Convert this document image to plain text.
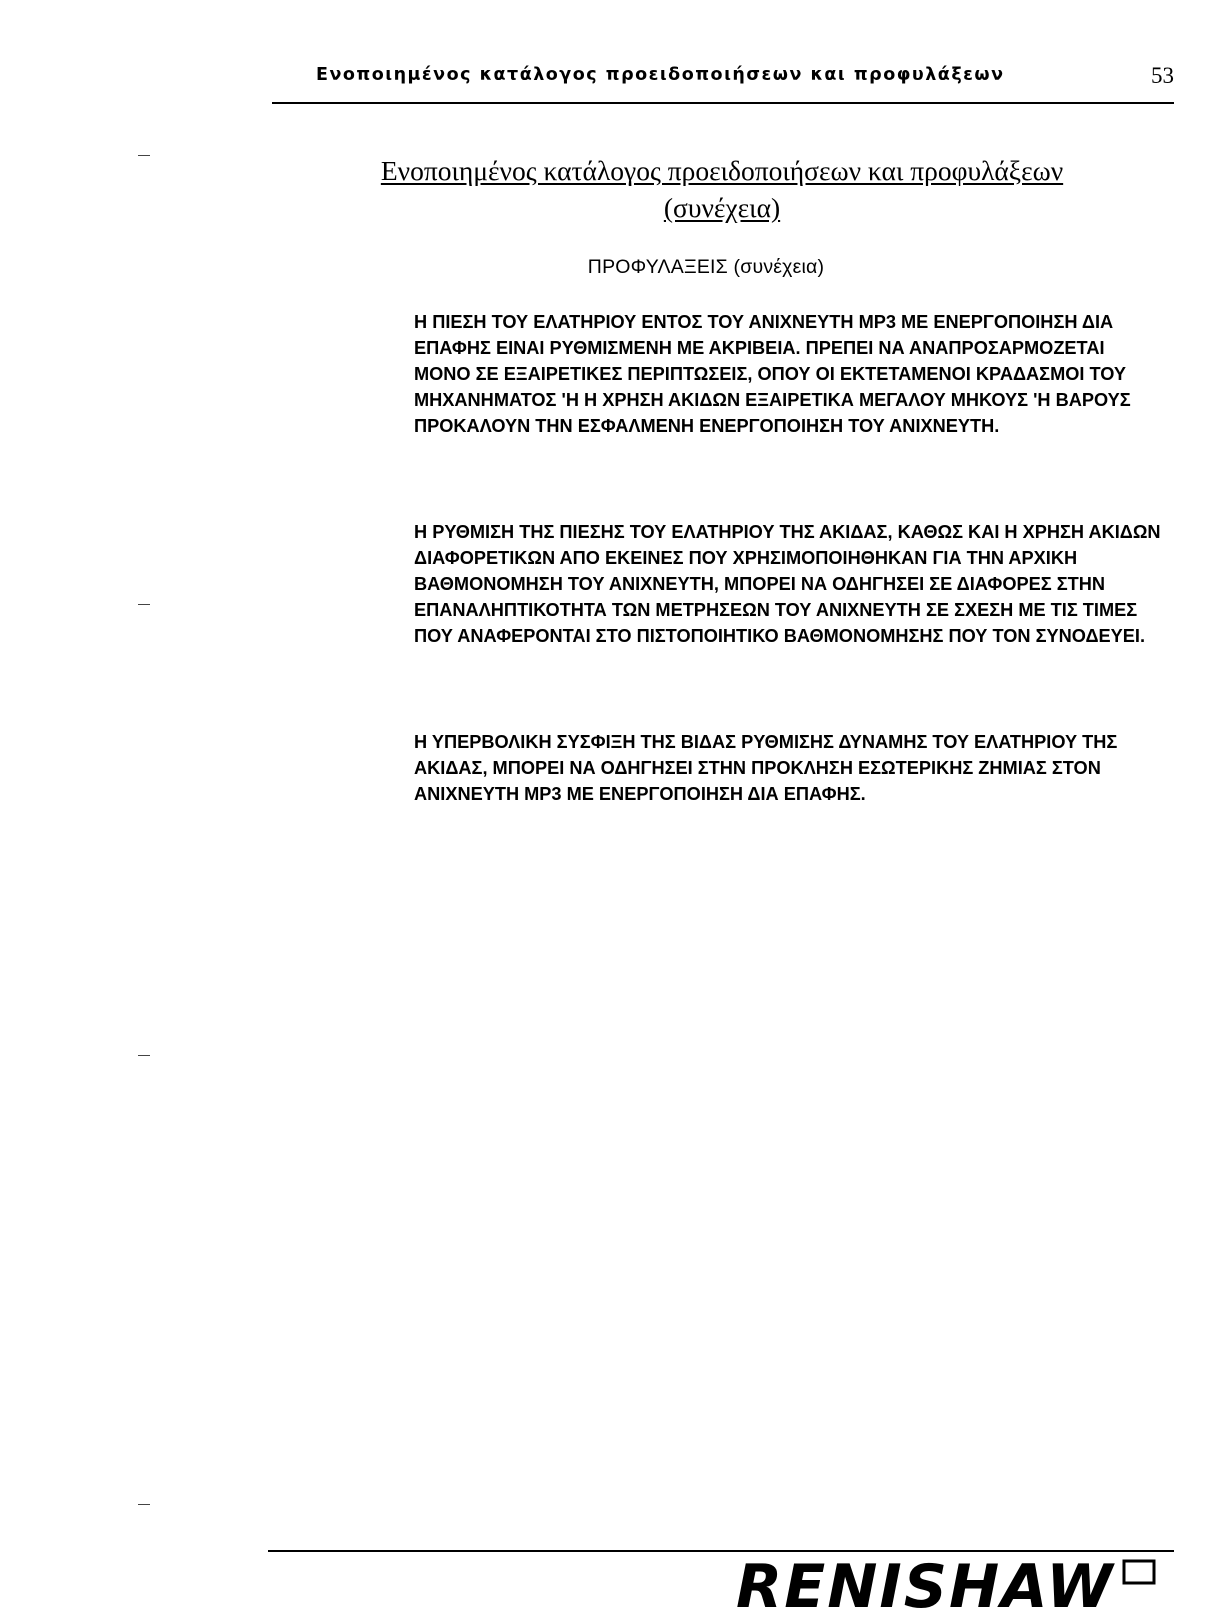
Ενοποιημένος κατάλογος προειδοποιήσεων και προφυλάξεων	53
Ενοποιημένος κατάλογος προειδοποιήσεων και προφυλάξεων
(συνέχεια)
ΠΡΟΦΥΛΑΞΕΙΣ (συνέχεια)

Η ΠΙΕΣΗ ΤΟΥ ΕΛΑΤΗΡΙΟΥ ΕΝΤΟΣ ΤΟΥ ΑΝΙΧΝΕΥΤΗ MP3 ΜΕ ΕΝΕΡΓΟΠΟΙΗΣΗ ΔΙΑ ΕΠΑΦΗΣ ΕΙΝΑΙ ΡΥΘΜΙΣΜΕΝΗ ΜΕ ΑΚΡΙΒΕΙΑ. ΠΡΕΠΕΙ ΝΑ ΑΝΑΠΡΟΣΑΡΜΟΖΕΤΑΙ ΜΟΝΟ ΣΕ ΕΞΑΙΡΕΤΙΚΕΣ ΠΕΡΙΠΤΩΣΕΙΣ, ΟΠΟΥ ΟΙ ΕΚΤΕΤΑΜΕΝΟΙ ΚΡΑΔΑΣΜΟΙ ΤΟΥ ΜΗΧΑΝΗΜΑΤΟΣ 'Η Η ΧΡΗΣΗ ΑΚΙΔΩΝ ΕΞΑΙΡΕΤΙΚΑ ΜΕΓΑΛΟΥ ΜΗΚΟΥΣ 'Η ΒΑΡΟΥΣ ΠΡΟΚΑΛΟΥΝ ΤΗΝ ΕΣΦΑΛΜΕΝΗ ΕΝΕΡΓΟΠΟΙΗΣΗ ΤΟΥ ΑΝΙΧΝΕΥΤΗ.

Η ΡΥΘΜΙΣΗ ΤΗΣ ΠΙΕΣΗΣ ΤΟΥ ΕΛΑΤΗΡΙΟΥ ΤΗΣ ΑΚΙΔΑΣ, ΚΑΘΩΣ ΚΑΙ Η ΧΡΗΣΗ ΑΚΙΔΩΝ ΔΙΑΦΟΡΕΤΙΚΩΝ ΑΠΟ ΕΚΕΙΝΕΣ ΠΟΥ ΧΡΗΣΙΜΟΠΟΙΗΘΗΚΑΝ ΓΙΑ ΤΗΝ ΑΡΧΙΚΗ ΒΑΘΜΟΝΟΜΗΣΗ ΤΟΥ ΑΝΙΧΝΕΥΤΗ, ΜΠΟΡΕΙ ΝΑ ΟΔΗΓΗΣΕΙ ΣΕ ΔΙΑΦΟΡΕΣ ΣΤΗΝ ΕΠΑΝΑΛΗΠΤΙΚΟΤΗΤΑ ΤΩΝ ΜΕΤΡΗΣΕΩΝ ΤΟΥ ΑΝΙΧΝΕΥΤΗ ΣΕ ΣΧΕΣΗ ΜΕ ΤΙΣ ΤΙΜΕΣ ΠΟΥ ΑΝΑΦΕΡΟΝΤΑΙ ΣΤΟ ΠΙΣΤΟΠΟΙΗΤΙΚΟ ΒΑΘΜΟΝΟΜΗΣΗΣ ΠΟΥ ΤΟΝ ΣΥΝΟΔΕΥΕΙ.

Η ΥΠΕΡΒΟΛΙΚΗ ΣΥΣΦΙΞΗ ΤΗΣ ΒΙΔΑΣ ΡΥΘΜΙΣΗΣ ΔΥΝΑΜΗΣ ΤΟΥ ΕΛΑΤΗΡΙΟΥ ΤΗΣ ΑΚΙΔΑΣ, ΜΠΟΡΕΙ ΝΑ ΟΔΗΓΗΣΕΙ ΣΤΗΝ ΠΡΟΚΛΗΣΗ ΕΣΩΤΕΡΙΚΗΣ ΖΗΜΙΑΣ ΣΤΟΝ ΑΝΙΧΝΕΥΤΗ MP3 ΜΕ ΕΝΕΡΓΟΠΟΙΗΣΗ ΔΙΑ ΕΠΑΦΗΣ.

RENISHAW
